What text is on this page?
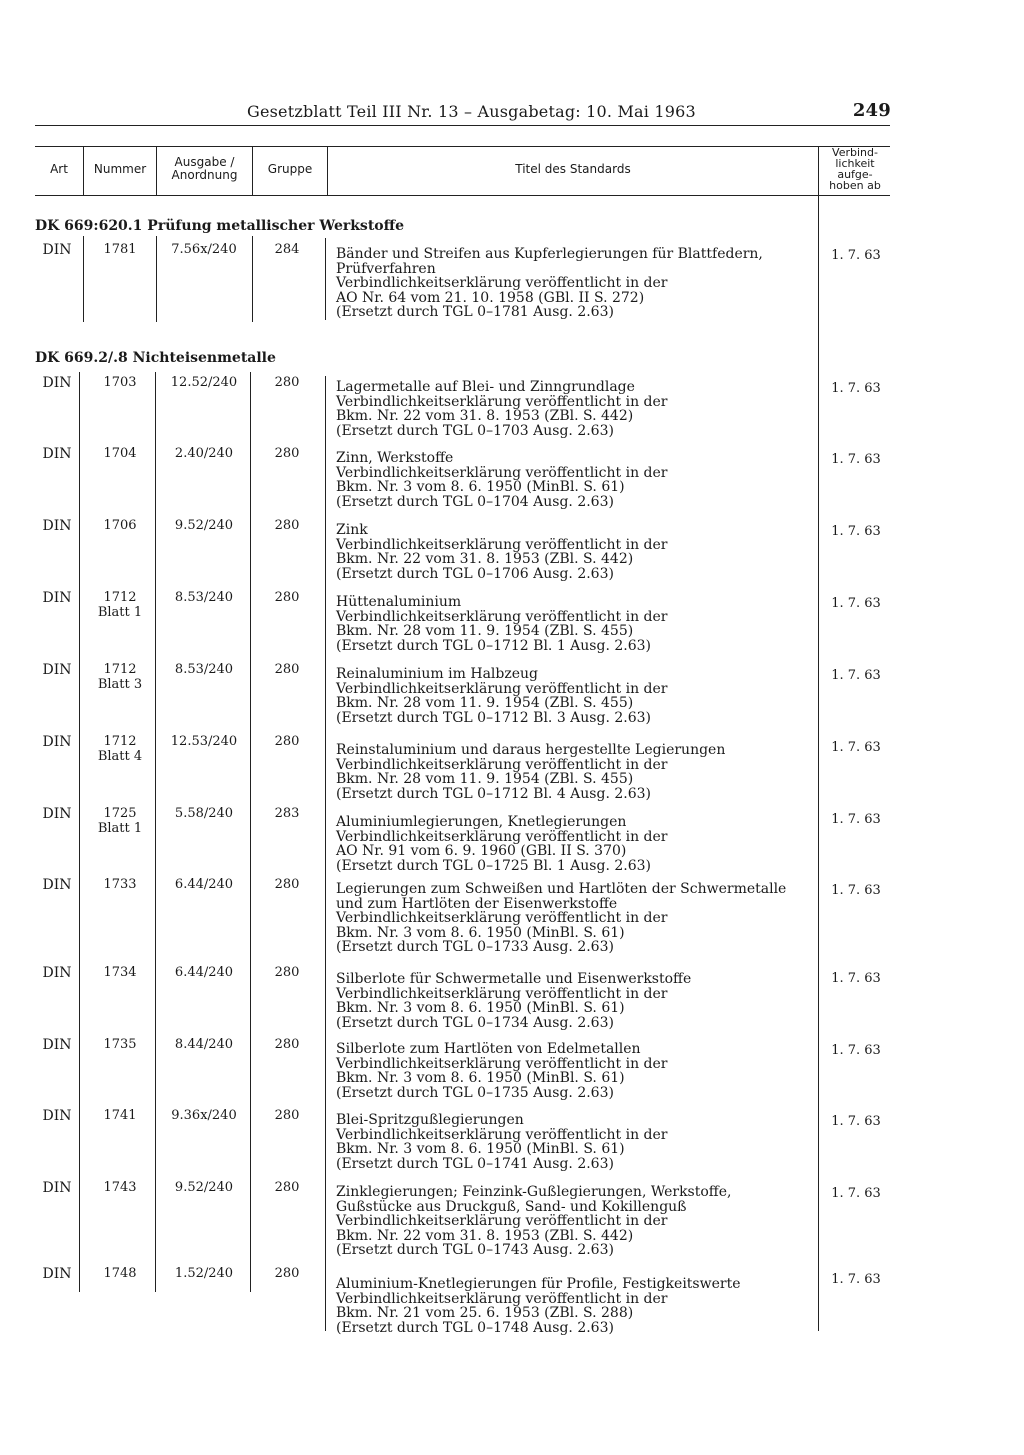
Gesetzblatt Teil III Nr. 13 – Ausgabetag: 10. Mai 1963	249
Art	Nummer	Ausgabe /
Anordnung	Gruppe	Titel des Standards
Verbind-
lichkeit
aufge-
hoben ab
DK 669:620.1 Prüfung metallischer Werkstoffe
DK 669.2/.8 Nichteisenmetalle
DIN	1781	7.56x/240	284	Bänder und Streifen aus Kupferlegierungen für Blattfedern,
Prüfverfahren
Verbindlichkeitserklärung veröffentlicht in der
AO Nr. 64 vom 21. 10. 1958 (GBl. II S. 272)
(Ersetzt durch TGL 0–1781 Ausg. 2.63)
1. 7. 63
DIN	1703	12.52/240	280	Lagermetalle auf Blei- und Zinngrundlage
Verbindlichkeitserklärung veröffentlicht in der
Bkm. Nr. 22 vom 31. 8. 1953 (ZBl. S. 442)
(Ersetzt durch TGL 0–1703 Ausg. 2.63)
1. 7. 63
DIN	1704	2.40/240	280	Zinn, Werkstoffe
Verbindlichkeitserklärung veröffentlicht in der
Bkm. Nr. 3 vom 8. 6. 1950 (MinBl. S. 61)
(Ersetzt durch TGL 0–1704 Ausg. 2.63)
1. 7. 63
DIN	1706	9.52/240	280	Zink
Verbindlichkeitserklärung veröffentlicht in der
Bkm. Nr. 22 vom 31. 8. 1953 (ZBl. S. 442)
(Ersetzt durch TGL 0–1706 Ausg. 2.63)
1. 7. 63
DIN	1712
Blatt 1
8.53/240	280	Hüttenaluminium
Verbindlichkeitserklärung veröffentlicht in der
Bkm. Nr. 28 vom 11. 9. 1954 (ZBl. S. 455)
(Ersetzt durch TGL 0–1712 Bl. 1 Ausg. 2.63)
1. 7. 63
DIN	1712
Blatt 3
8.53/240	280	Reinaluminium im Halbzeug
Verbindlichkeitserklärung veröffentlicht in der
Bkm. Nr. 28 vom 11. 9. 1954 (ZBl. S. 455)
(Ersetzt durch TGL 0–1712 Bl. 3 Ausg. 2.63)
1. 7. 63
DIN	1712
Blatt 4
12.53/240	280
Reinstaluminium und daraus hergestellte Legierungen
Verbindlichkeitserklärung veröffentlicht in der
Bkm. Nr. 28 vom 11. 9. 1954 (ZBl. S. 455)
(Ersetzt durch TGL 0–1712 Bl. 4 Ausg. 2.63)
1. 7. 63
DIN	1725
Blatt 1
5.58/240	283
Aluminiumlegierungen, Knetlegierungen
Verbindlichkeitserklärung veröffentlicht in der
AO Nr. 91 vom 6. 9. 1960 (GBl. II S. 370)
(Ersetzt durch TGL 0–1725 Bl. 1 Ausg. 2.63)
1. 7. 63
DIN	1733	6.44/240	280	Legierungen zum Schweißen und Hartlöten der Schwermetalle
und zum Hartlöten der Eisenwerkstoffe
Verbindlichkeitserklärung veröffentlicht in der
Bkm. Nr. 3 vom 8. 6. 1950 (MinBl. S. 61)
(Ersetzt durch TGL 0–1733 Ausg. 2.63)
1. 7. 63
DIN	1734	6.44/240	280	Silberlote für Schwermetalle und Eisenwerkstoffe
Verbindlichkeitserklärung veröffentlicht in der
Bkm. Nr. 3 vom 8. 6. 1950 (MinBl. S. 61)
(Ersetzt durch TGL 0–1734 Ausg. 2.63)
1. 7. 63
DIN	1735	8.44/240	280	Silberlote zum Hartlöten von Edelmetallen
Verbindlichkeitserklärung veröffentlicht in der
Bkm. Nr. 3 vom 8. 6. 1950 (MinBl. S. 61)
(Ersetzt durch TGL 0–1735 Ausg. 2.63)
1. 7. 63
DIN	1741	9.36x/240	280	Blei-Spritzgußlegierungen
Verbindlichkeitserklärung veröffentlicht in der
Bkm. Nr. 3 vom 8. 6. 1950 (MinBl. S. 61)
(Ersetzt durch TGL 0–1741 Ausg. 2.63)
1. 7. 63
DIN	1743	9.52/240	280	Zinklegierungen; Feinzink-Gußlegierungen, Werkstoffe,
Gußstücke aus Druckguß, Sand- und Kokillenguß
Verbindlichkeitserklärung veröffentlicht in der
Bkm. Nr. 22 vom 31. 8. 1953 (ZBl. S. 442)
(Ersetzt durch TGL 0–1743 Ausg. 2.63)
1. 7. 63
DIN	1748	1.52/240	280
Aluminium-Knetlegierungen für Profile, Festigkeitswerte
Verbindlichkeitserklärung veröffentlicht in der
Bkm. Nr. 21 vom 25. 6. 1953 (ZBl. S. 288)
(Ersetzt durch TGL 0–1748 Ausg. 2.63)
1. 7. 63
